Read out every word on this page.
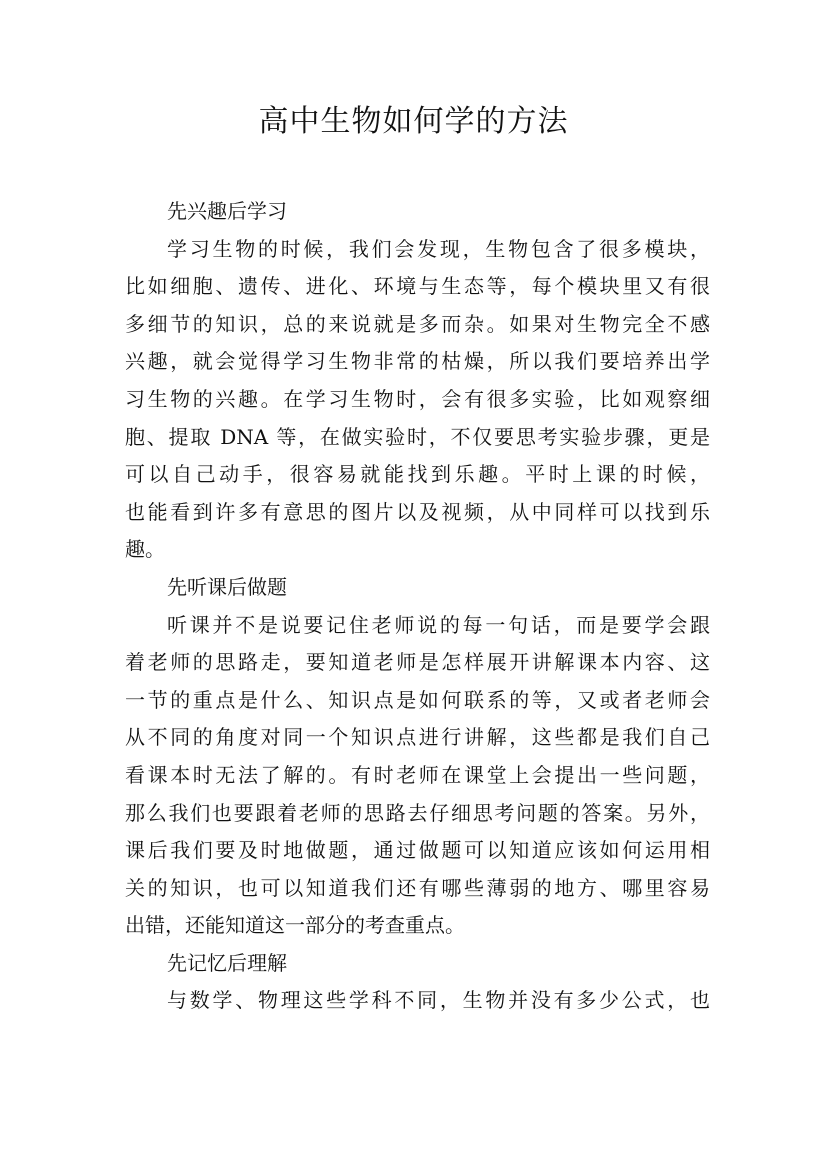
高中生物如何学的方法
先兴趣后学习
学习生物的时候，我们会发现，生物包含了很多模块，
比如细胞、遗传、进化、环境与生态等，每个模块里又有很
多细节的知识，总的来说就是多而杂。如果对生物完全不感
兴趣，就会觉得学习生物非常的枯燥，所以我们要培养出学
习生物的兴趣。在学习生物时，会有很多实验，比如观察细
胞、提取 DNA 等，在做实验时，不仅要思考实验步骤，更是
可以自己动手，很容易就能找到乐趣。平时上课的时候，
也能看到许多有意思的图片以及视频，从中同样可以找到乐
趣。
先听课后做题
听课并不是说要记住老师说的每一句话，而是要学会跟
着老师的思路走，要知道老师是怎样展开讲解课本内容、这
一节的重点是什么、知识点是如何联系的等，又或者老师会
从不同的角度对同一个知识点进行讲解，这些都是我们自己
看课本时无法了解的。有时老师在课堂上会提出一些问题，
那么我们也要跟着老师的思路去仔细思考问题的答案。另外，
课后我们要及时地做题，通过做题可以知道应该如何运用相
关的知识，也可以知道我们还有哪些薄弱的地方、哪里容易
出错，还能知道这一部分的考查重点。
先记忆后理解
与数学、物理这些学科不同，生物并没有多少公式，也
